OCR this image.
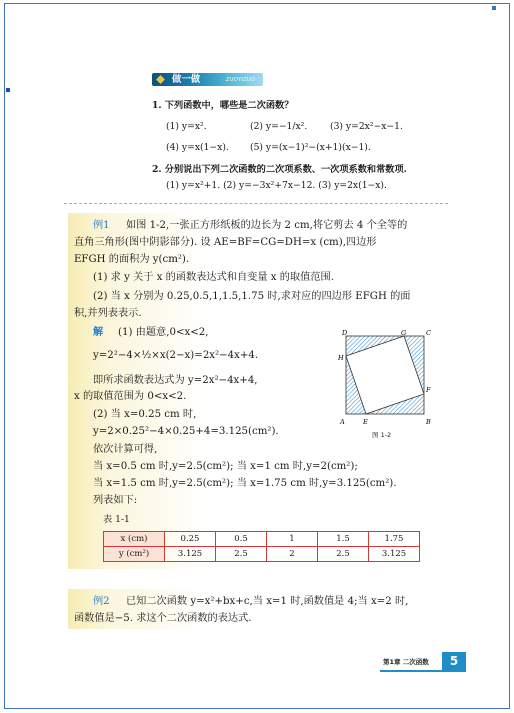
做一做	ZUOYIZUO
1. 下列函数中，哪些是二次函数？
(1) y=x².	(2) y=−1/x². (3) y=2x²−x−1.
(4) y=x(1−x). (5) y=(x−1)²−(x+1)(x−1).
2. 分别说出下列二次函数的二次项系数、一次项系数和常数项.
(1) y=x²+1. (2) y=−3x²+7x−12. (3) y=2x(1−x).
例1 如图 1-2,一张正方形纸板的边长为 2 cm,将它剪去 4 个全等的
直角三角形(图中阴影部分). 设 AE=BF=CG=DH=x (cm),四边形
EFGH 的面积为 y(cm²).
(1) 求 y 关于 x 的函数表达式和自变量 x 的取值范围.
(2) 当 x 分别为 0.25,0.5,1,1.5,1.75 时,求对应的四边形 EFGH 的面
积,并列表表示.
解 (1) 由题意,0<x<2,
y=2²−4×½×x(2−x)=2x²−4x+4.
即所求函数表达式为 y=2x²−4x+4,
x 的取值范围为 0<x<2.
(2) 当 x=0.25 cm 时,
y=2×0.25²−4×0.25+4=3.125(cm²).
依次计算可得,
当 x=0.5 cm 时,y=2.5(cm²); 当 x=1 cm 时,y=2(cm²);
当 x=1.5 cm 时,y=2.5(cm²); 当 x=1.75 cm 时,y=3.125(cm²).
列表如下:
D	C
G
H
F
A	E	B
图 1-2
表 1-1
x (cm)	0.25	0.5	1	1.5	1.75
y (cm²)	3.125	2.5	2	2.5	3.125
例2 已知二次函数 y=x²+bx+c,当 x=1 时,函数值是 4;当 x=2 时,
函数值是−5. 求这个二次函数的表达式.
第1章 二次函数	5
